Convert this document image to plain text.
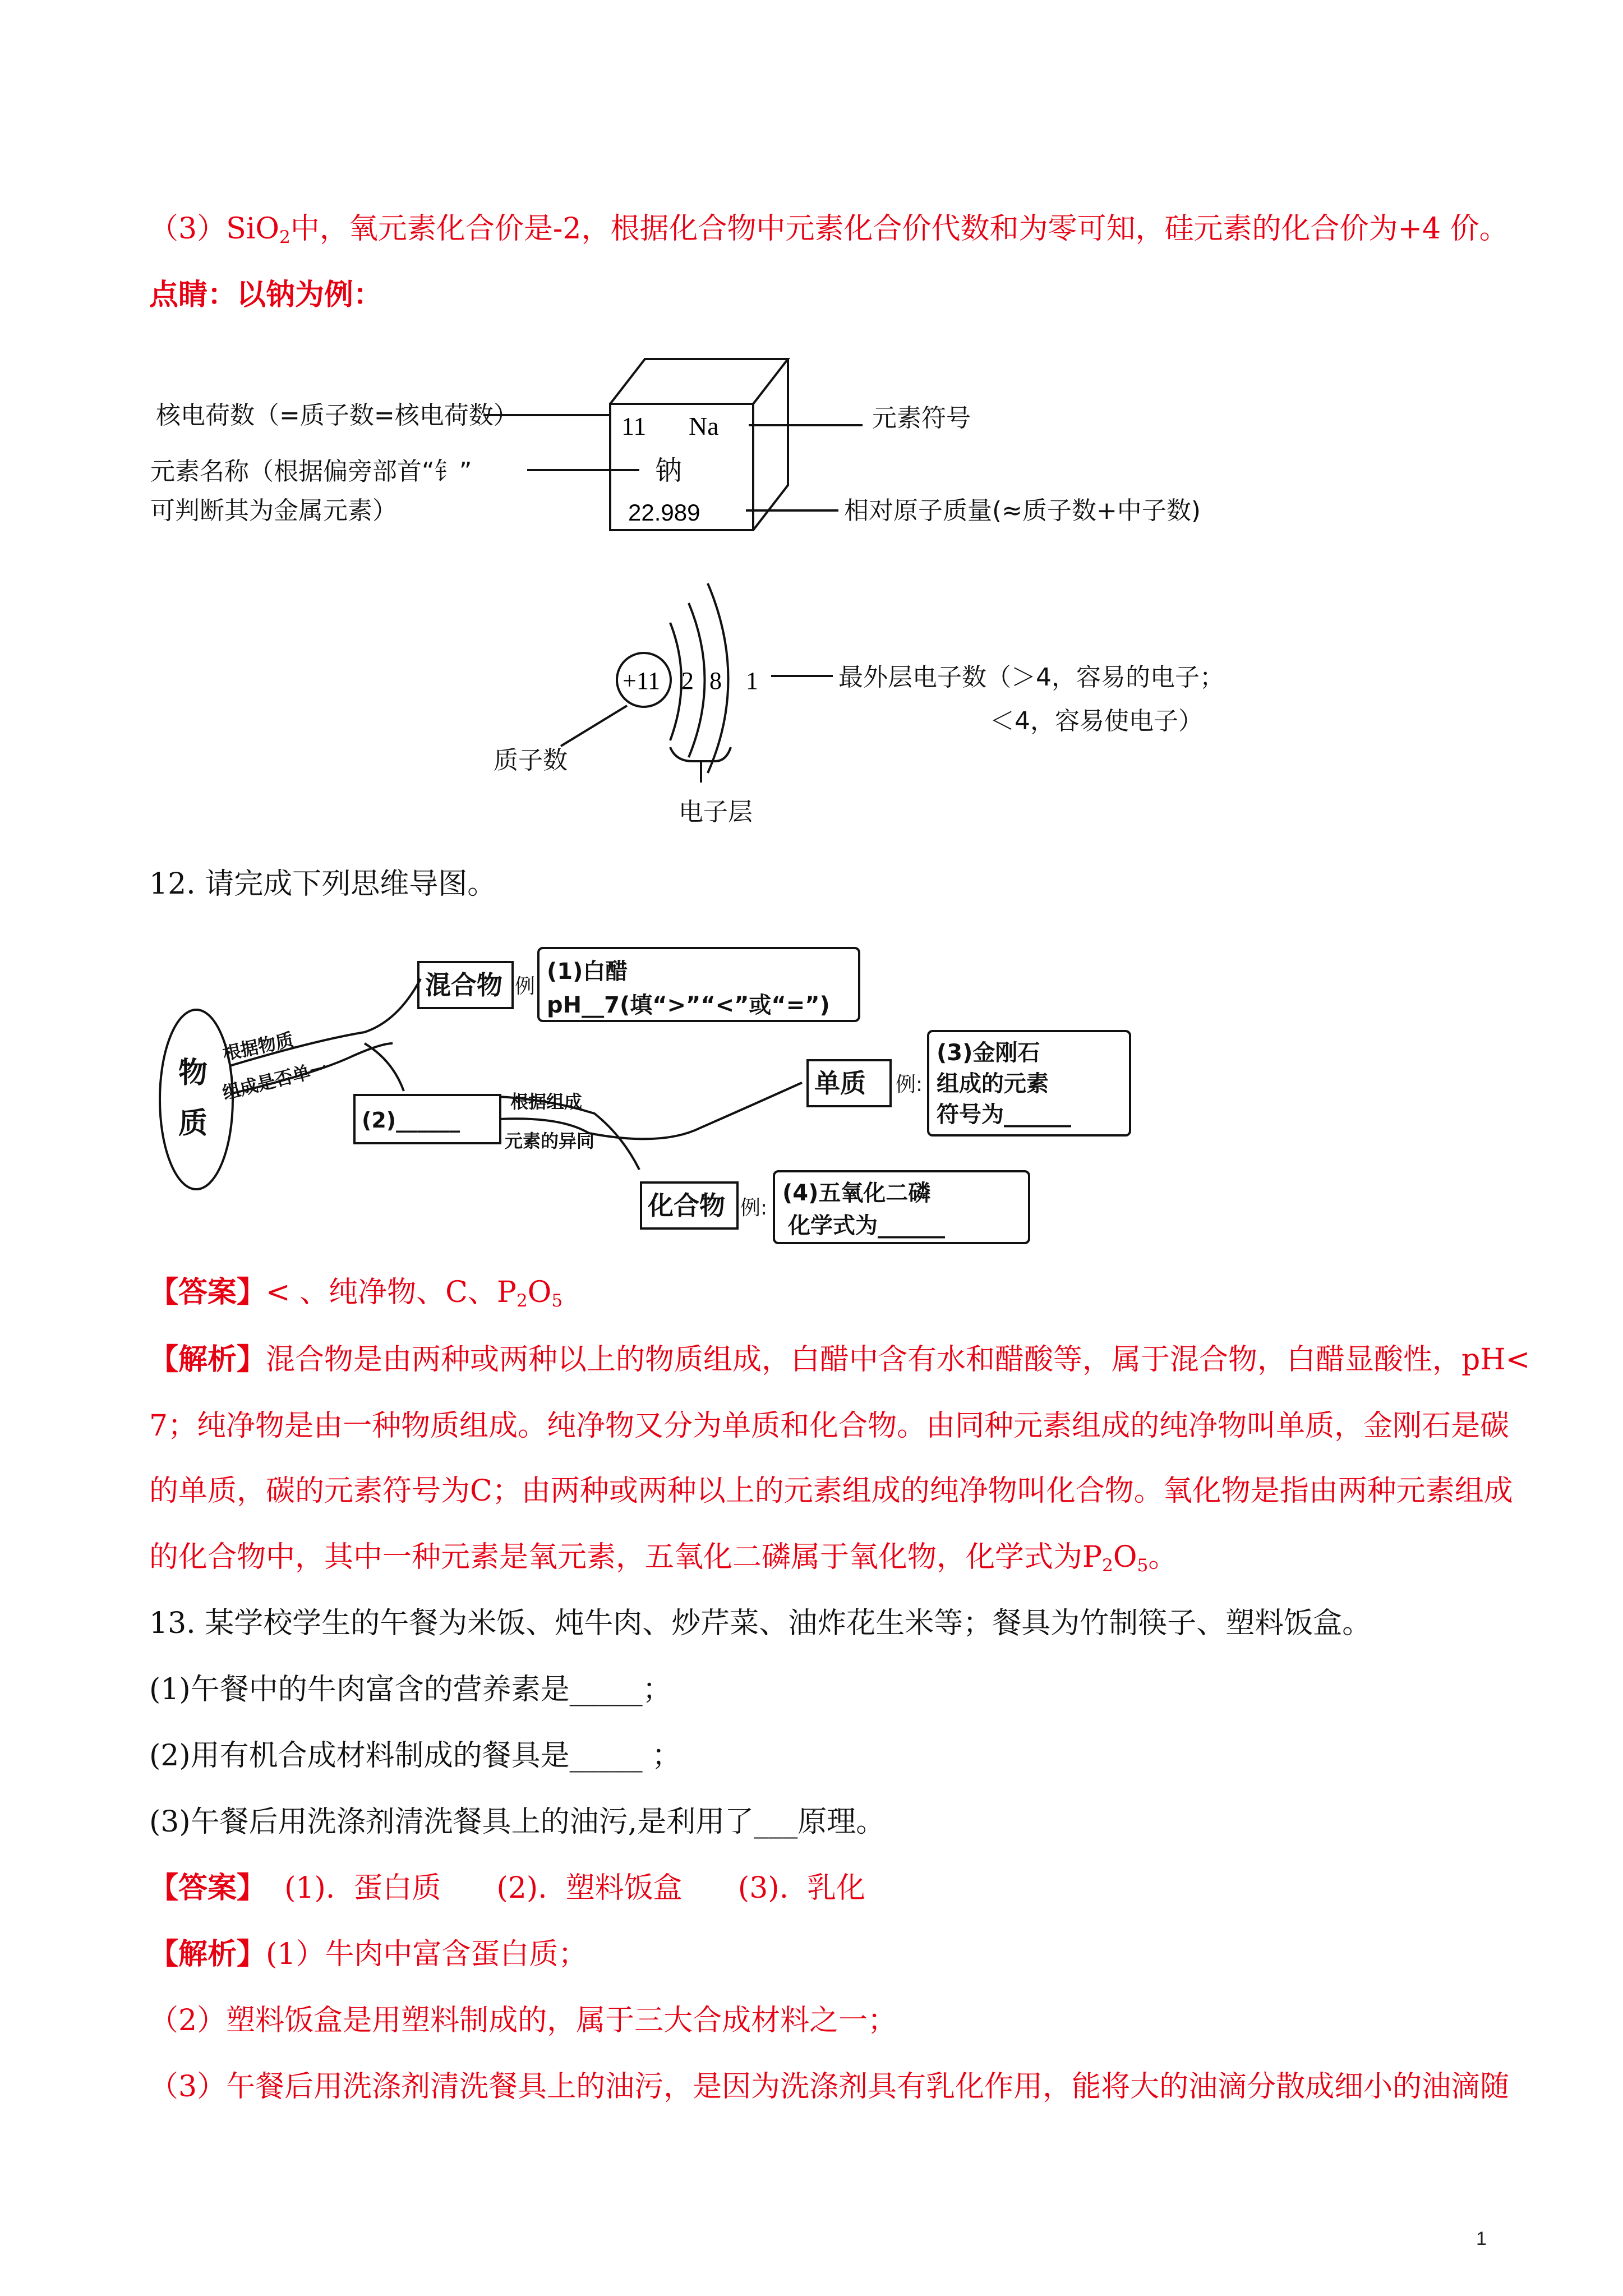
（3）SiO$_2$中，氧元素化合价是-2，根据化合物中元素化合价代数和为零可知，硅元素的化合价为+4 价。
点睛：以钠为例：
核电荷数（=质子数=核电荷数）
元素名称（根据偏旁部首“钅”
可判断其为金属元素）
元素符号
相对原子质量(≈质子数+中子数)
11 Na
钠
22.989
+11 2 8 1	最外层电子数（＞4，容易的电子；
＜4，容易使电子）
质子数
电子层
物
质
根据物质
组成是否单一
混合物 例:
(1)白醋
pH__7(填“>”“<”或“=”)
(2)______
根据组成
元素的异同
单质 例:
(3)金刚石
组成的元素
符号为______
化合物 例:
(4)五氧化二磷
化学式为______
12. 请完成下列思维导图。
【答案】< 、纯净物、C、$P_2O_5$
【解析】混合物是由两种或两种以上的物质组成，白醋中含有水和醋酸等，属于混合物，白醋显酸性，pH<
7；纯净物是由一种物质组成。纯净物又分为单质和化合物。由同种元素组成的纯净物叫单质，金刚石是碳
的单质，碳的元素符号为C；由两种或两种以上的元素组成的纯净物叫化合物。氧化物是指由两种元素组成
的化合物中，其中一种元素是氧元素，五氧化二磷属于氧化物，化学式为$P_2O_5$。
13. 某学校学生的午餐为米饭、炖牛肉、炒芹菜、油炸花生米等；餐具为竹制筷子、塑料饭盒。
(1)午餐中的牛肉富含的营养素是_____；
(2)用有机合成材料制成的餐具是_____ ；
(3)午餐后用洗涤剂清洗餐具上的油污,是利用了___原理。
【答案】  (1).  蛋白质      (2).  塑料饭盒      (3).  乳化
【解析】(1）牛肉中富含蛋白质；
（2）塑料饭盒是用塑料制成的，属于三大合成材料之一；
（3）午餐后用洗涤剂清洗餐具上的油污，是因为洗涤剂具有乳化作用，能将大的油滴分散成细小的油滴随
1
